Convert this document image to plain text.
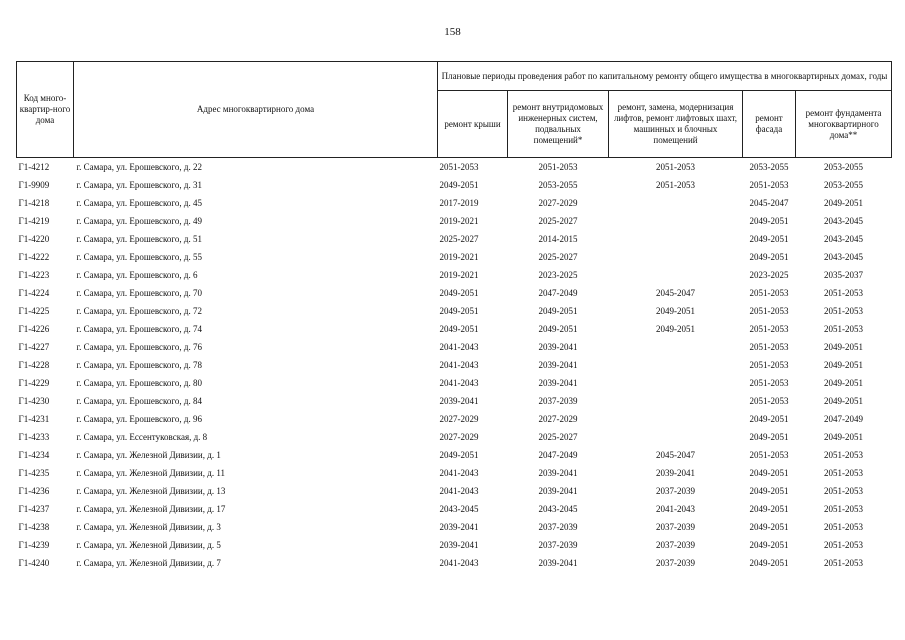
158
Код много-квартир-ного дома	Адрес многоквартирного дома	Плановые периоды проведения работ по капитальному ремонту общего имущества в многоквартирных домах, годы				
		ремонт крыши	ремонт внутридомовых инженерных систем, подвальных помещений*	ремонт, замена, модернизация лифтов, ремонт лифтовых шахт, машинных и блочных помещений	ремонт фасада	ремонт фундамента многоквартирного дома**
Г1-4212	г. Самара, ул. Ерошевского, д. 22	2051-2053	2051-2053	2051-2053	2053-2055	2053-2055
Г1-9909	г. Самара, ул. Ерошевского, д. 31	2049-2051	2053-2055	2051-2053	2051-2053	2053-2055
Г1-4218	г. Самара, ул. Ерошевского, д. 45	2017-2019	2027-2029		2045-2047	2049-2051
Г1-4219	г. Самара, ул. Ерошевского, д. 49	2019-2021	2025-2027		2049-2051	2043-2045
Г1-4220	г. Самара, ул. Ерошевского, д. 51	2025-2027	2014-2015		2049-2051	2043-2045
Г1-4222	г. Самара, ул. Ерошевского, д. 55	2019-2021	2025-2027		2049-2051	2043-2045
Г1-4223	г. Самара, ул. Ерошевского, д. 6	2019-2021	2023-2025		2023-2025	2035-2037
Г1-4224	г. Самара, ул. Ерошевского, д. 70	2049-2051	2047-2049	2045-2047	2051-2053	2051-2053
Г1-4225	г. Самара, ул. Ерошевского, д. 72	2049-2051	2049-2051	2049-2051	2051-2053	2051-2053
Г1-4226	г. Самара, ул. Ерошевского, д. 74	2049-2051	2049-2051	2049-2051	2051-2053	2051-2053
Г1-4227	г. Самара, ул. Ерошевского, д. 76	2041-2043	2039-2041		2051-2053	2049-2051
Г1-4228	г. Самара, ул. Ерошевского, д. 78	2041-2043	2039-2041		2051-2053	2049-2051
Г1-4229	г. Самара, ул. Ерошевского, д. 80	2041-2043	2039-2041		2051-2053	2049-2051
Г1-4230	г. Самара, ул. Ерошевского, д. 84	2039-2041	2037-2039		2051-2053	2049-2051
Г1-4231	г. Самара, ул. Ерошевского, д. 96	2027-2029	2027-2029		2049-2051	2047-2049
Г1-4233	г. Самара, ул. Ессентуковская, д. 8	2027-2029	2025-2027		2049-2051	2049-2051
Г1-4234	г. Самара, ул. Железной Дивизии, д. 1	2049-2051	2047-2049	2045-2047	2051-2053	2051-2053
Г1-4235	г. Самара, ул. Железной Дивизии, д. 11	2041-2043	2039-2041	2039-2041	2049-2051	2051-2053
Г1-4236	г. Самара, ул. Железной Дивизии, д. 13	2041-2043	2039-2041	2037-2039	2049-2051	2051-2053
Г1-4237	г. Самара, ул. Железной Дивизии, д. 17	2043-2045	2043-2045	2041-2043	2049-2051	2051-2053
Г1-4238	г. Самара, ул. Железной Дивизии, д. 3	2039-2041	2037-2039	2037-2039	2049-2051	2051-2053
Г1-4239	г. Самара, ул. Железной Дивизии, д. 5	2039-2041	2037-2039	2037-2039	2049-2051	2051-2053
Г1-4240	г. Самара, ул. Железной Дивизии, д. 7	2041-2043	2039-2041	2037-2039	2049-2051	2051-2053
